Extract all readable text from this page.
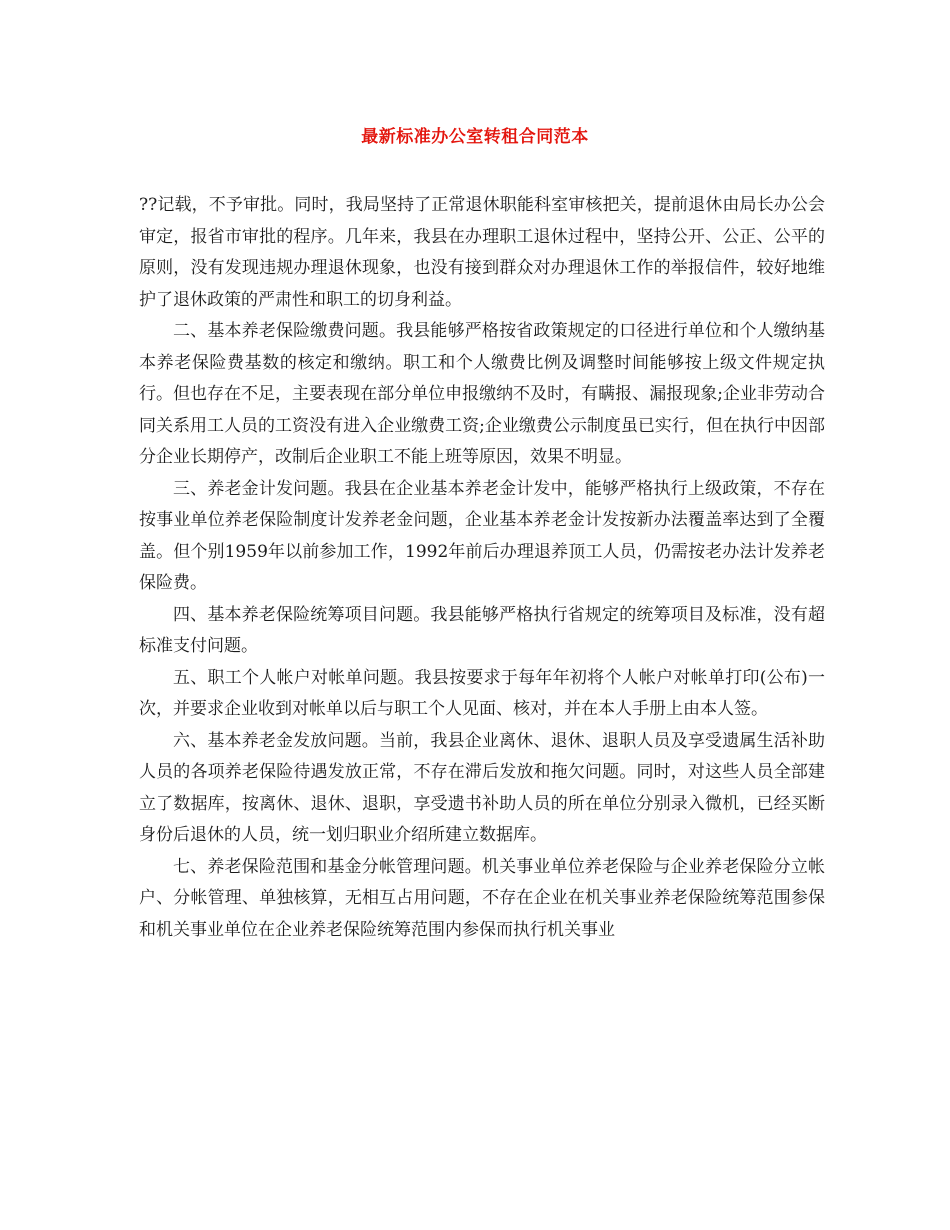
最新标准办公室转租合同范本

??记载，不予审批。同时，我局坚持了正常退休职能科室审核把关，提前退休由局长办公会审定，报省市审批的程序。几年来，我县在办理职工退休过程中，坚持公开、公正、公平的原则，没有发现违规办理退休现象，也没有接到群众对办理退休工作的举报信件，较好地维护了退休政策的严肃性和职工的切身利益。

二、基本养老保险缴费问题。我县能够严格按省政策规定的口径进行单位和个人缴纳基本养老保险费基数的核定和缴纳。职工和个人缴费比例及调整时间能够按上级文件规定执行。但也存在不足，主要表现在部分单位申报缴纳不及时，有瞒报、漏报现象;企业非劳动合同关系用工人员的工资没有进入企业缴费工资;企业缴费公示制度虽已实行，但在执行中因部分企业长期停产，改制后企业职工不能上班等原因，效果不明显。

三、养老金计发问题。我县在企业基本养老金计发中，能够严格执行上级政策，不存在按事业单位养老保险制度计发养老金问题，企业基本养老金计发按新办法覆盖率达到了全覆盖。但个别1959年以前参加工作，1992年前后办理退养顶工人员，仍需按老办法计发养老保险费。

四、基本养老保险统筹项目问题。我县能够严格执行省规定的统筹项目及标准，没有超标准支付问题。

五、职工个人帐户对帐单问题。我县按要求于每年年初将个人帐户对帐单打印(公布)一次，并要求企业收到对帐单以后与职工个人见面、核对，并在本人手册上由本人签。

六、基本养老金发放问题。当前，我县企业离休、退休、退职人员及享受遗属生活补助人员的各项养老保险待遇发放正常，不存在滞后发放和拖欠问题。同时，对这些人员全部建立了数据库，按离休、退休、退职，享受遗书补助人员的所在单位分别录入微机，已经买断身份后退休的人员，统一划归职业介绍所建立数据库。

七、养老保险范围和基金分帐管理问题。机关事业单位养老保险与企业养老保险分立帐户、分帐管理、单独核算，无相互占用问题，不存在企业在机关事业养老保险统筹范围参保和机关事业单位在企业养老保险统筹范围内参保而执行机关事业
